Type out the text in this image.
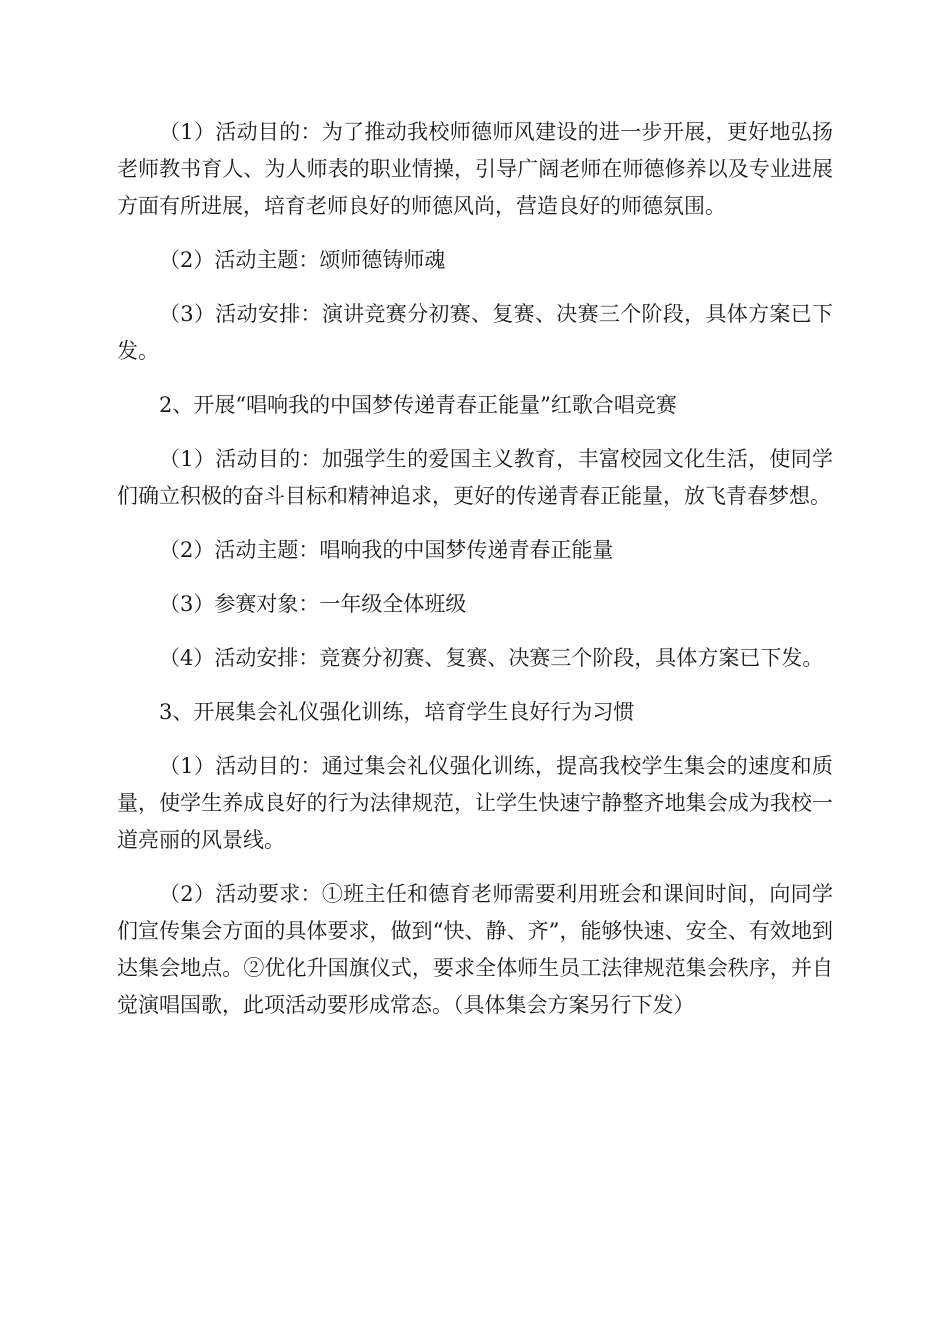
（1）活动目的：为了推动我校师德师风建设的进一步开展，更好地弘扬老师教书育人、为人师表的职业情操，引导广阔老师在师德修养以及专业进展方面有所进展，培育老师良好的师德风尚，营造良好的师德氛围。

（2）活动主题：颂师德铸师魂

（3）活动安排：演讲竞赛分初赛、复赛、决赛三个阶段，具体方案已下发。

2、开展“唱响我的中国梦传递青春正能量”红歌合唱竞赛

（1）活动目的：加强学生的爱国主义教育，丰富校园文化生活，使同学们确立积极的奋斗目标和精神追求，更好的传递青春正能量，放飞青春梦想。

（2）活动主题：唱响我的中国梦传递青春正能量

（3）参赛对象：一年级全体班级

（4）活动安排：竞赛分初赛、复赛、决赛三个阶段，具体方案已下发。

3、开展集会礼仪强化训练，培育学生良好行为习惯

（1）活动目的：通过集会礼仪强化训练，提高我校学生集会的速度和质量，使学生养成良好的行为法律规范，让学生快速宁静整齐地集会成为我校一道亮丽的风景线。

（2）活动要求：①班主任和德育老师需要利用班会和课间时间，向同学们宣传集会方面的具体要求，做到“快、静、齐”，能够快速、安全、有效地到达集会地点。②优化升国旗仪式，要求全体师生员工法律规范集会秩序，并自觉演唱国歌，此项活动要形成常态。（具体集会方案另行下发）
